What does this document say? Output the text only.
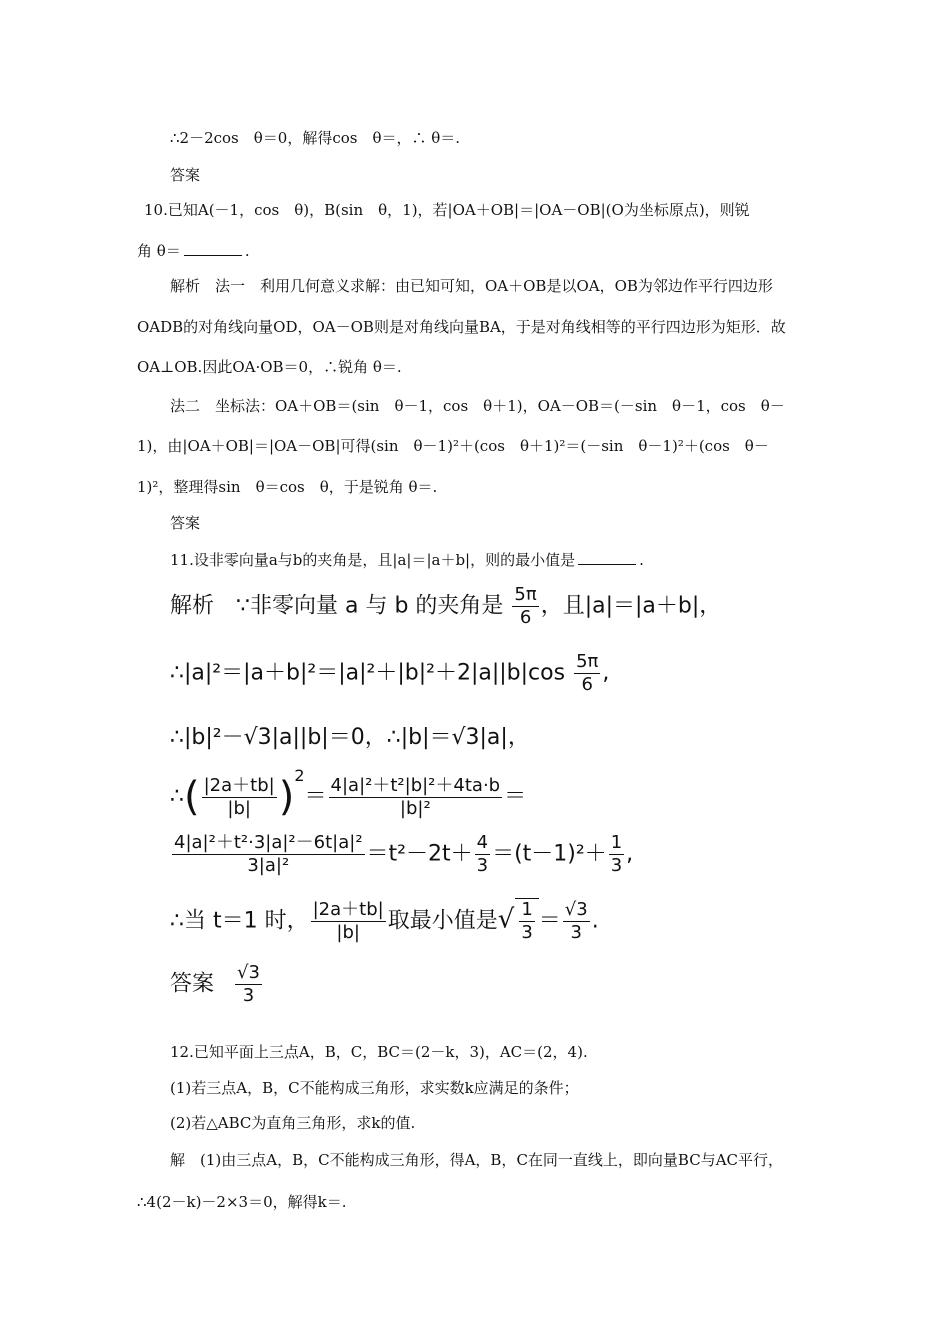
∴2－2cos　θ＝0，解得cos　θ＝，∴ θ＝.
答案
10.已知A(－1，cos　θ)，B(sin　θ，1)，若|OA＋OB|＝|OA－OB|(O为坐标原点)，则锐
角 θ＝	.
解析　法一　利用几何意义求解：由已知可知，OA＋OB是以OA，OB为邻边作平行四边形
OADB的对角线向量OD，OA－OB则是对角线向量BA，于是对角线相等的平行四边形为矩形．故
OA⊥OB.因此OA·OB＝0，∴锐角 θ＝.
法二　坐标法：OA＋OB＝(sin　θ－1，cos　θ＋1)，OA－OB＝(－sin　θ－1，cos　θ－
1)，由|OA＋OB|＝|OA－OB|可得(sin　θ－1)²＋(cos　θ＋1)²＝(－sin　θ－1)²＋(cos　θ－
1)²，整理得sin　θ＝cos　θ，于是锐角 θ＝.
答案
11.设非零向量a与b的夹角是，且|a|＝|a＋b|，则的最小值是	.
解析　∵非零向量 a 与 b 的夹角是 $\frac{5\pi}{6}$ ，且|a|＝|a＋b|，
∴|a|²＝|a＋b|²＝|a|²＋|b|²＋2|a||b|cos $\frac{5\pi}{6}$ ,
∴|b|²－√3|a||b|＝0，∴|b|＝√3|a|，
∴( $\frac{|2a+tb|}{|b|} )^2= \frac{\text{4|a|²＋t²|b|²＋4ta·b}}{\text{|b|²}}$ ＝
$\frac{\text{4|a|²＋t²·3|a|²－6t|a|²}}{\text{3|a|²}} =t^2-2t+ \frac{4}{3} =(t-1)^2+ \frac{1}{3}$ ,
∴当 t＝1 时， $\frac{|2a+tb|}{|b|}$ 取最小值是√ $\frac{1}{3} = \frac{√3}{3}$ .
答案 $\frac{√3}{3}$
12.已知平面上三点A，B，C，BC＝(2－k，3)，AC＝(2，4).
(1)若三点A，B，C不能构成三角形，求实数k应满足的条件；
(2)若△ABC为直角三角形，求k的值.
解　(1)由三点A，B，C不能构成三角形，得A，B，C在同一直线上，即向量BC与AC平行，
∴4(2－k)－2×3＝0，解得k＝.
